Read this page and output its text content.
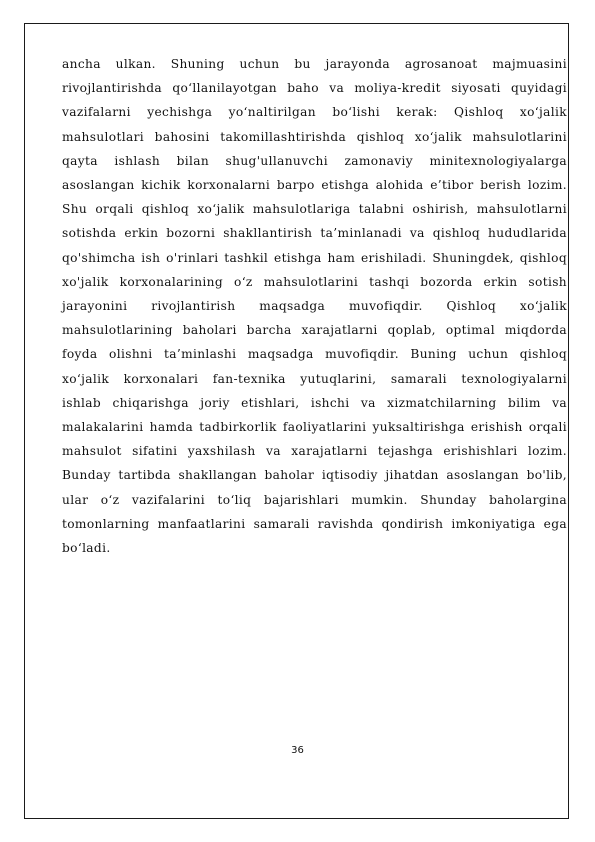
ancha ulkan. Shuning uchun bu jarayonda agrosanoat majmuasini
rivojlantirishda qo‘llanilayotgan baho va moliya-kredit siyosati quyidagi
vazifalarni yechishga yo‘naltirilgan bo‘lishi kerak: Qishloq xo‘jalik
mahsulotlari bahosini takomillashtirishda qishloq xo‘jalik mahsulotlarini
qayta ishlash bilan shug'ullanuvchi zamonaviy minitexnologiyalarga
asoslangan kichik korxonalarni barpo etishga alohida e’tibor berish lozim.
Shu orqali qishloq xo‘jalik mahsulotlariga talabni oshirish, mahsulotlarni
sotishda erkin bozorni shakllantirish ta’minlanadi va qishloq hududlarida
qo'shimcha ish o'rinlari tashkil etishga ham erishiladi. Shuningdek, qishloq
xo'jalik korxonalarining o‘z mahsulotlarini tashqi bozorda erkin sotish
jarayonini rivojlantirish maqsadga muvofiqdir. Qishloq xo‘jalik
mahsulotlarining baholari barcha xarajatlarni qoplab, optimal miqdorda
foyda olishni ta’minlashi maqsadga muvofiqdir. Buning uchun qishloq
xo‘jalik korxonalari fan-texnika yutuqlarini, samarali texnologiyalarni
ishlab chiqarishga joriy etishlari, ishchi va xizmatchilarning bilim va
malakalarini hamda tadbirkorlik faoliyatlarini yuksaltirishga erishish orqali
mahsulot sifatini yaxshilash va xarajatlarni tejashga erishishlari lozim.
Bunday tartibda shakllangan baholar iqtisodiy jihatdan asoslangan bo'lib,
ular o‘z vazifalarini to‘liq bajarishlari mumkin. Shunday baholargina
tomonlarning manfaatlarini samarali ravishda qondirish imkoniyatiga ega
bo‘ladi.

36
